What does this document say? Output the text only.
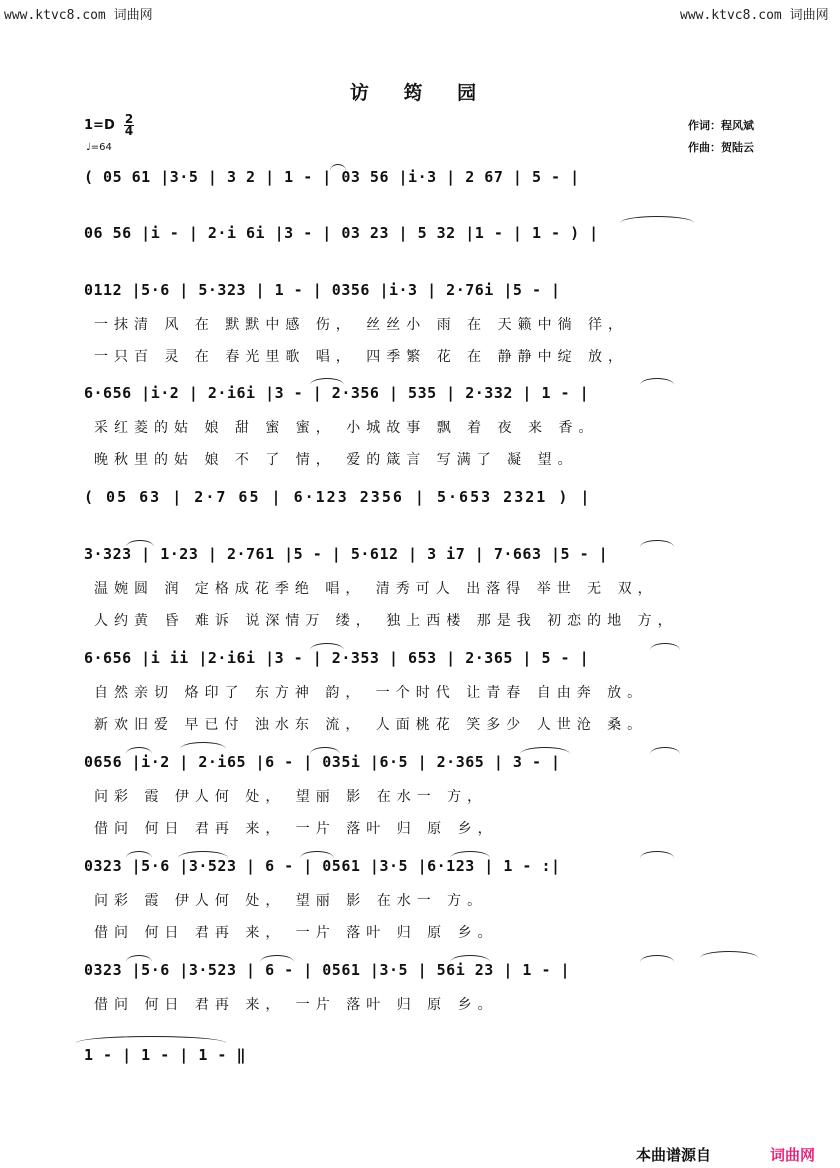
www.ktvc8.com 词曲网	www.ktvc8.com 词曲网
访 筠 园
1=D 2
4
♩=64
作词：程风斌
作曲：贺陆云
( 05 61 |3·5 | 3 2 | 1 - | 03 56 |i·3 | 2 67 | 5 - |
06 56 |i - | 2·i 6i |3 - | 03 23 | 5 32 |1 - | 1 - ) |
0112 |5·6 | 5·323 | 1 - | 0356 |i·3 | 2·76i |5 - |
一抹清 风 在 默默中感 伤， 丝丝小 雨 在 天籁中徜 徉，
一只百 灵 在 春光里歌 唱， 四季繁 花 在 静静中绽 放，
6·656 |i·2 | 2·i6i |3 - | 2·356 | 535 | 2·332 | 1 - |
采红菱的姑 娘 甜 蜜 蜜， 小城故事 飘 着 夜 来 香。
晚秋里的姑 娘 不 了 情， 爱的箴言 写满了 凝 望。
( 05 63 | 2·7 65 | 6·123 2356 | 5·653 2321 ) |
3·323 | 1·23 | 2·761 |5 - | 5·612 | 3 i7 | 7·663 |5 - |
温婉圆 润 定格成花季绝 唱， 清秀可人 出落得 举世 无 双，
人约黄 昏 难诉 说深情万 缕， 独上西楼 那是我 初恋的地 方，
6·656 |i ii |2·i6i |3 - | 2·353 | 653 | 2·365 | 5 - |
自然亲切 烙印了 东方神 韵， 一个时代 让青春 自由奔 放。
新欢旧爱 早已付 浊水东 流， 人面桃花 笑多少 人世沧 桑。
0656 |i·2 | 2·i65 |6 - | 035i |6·5 | 2·365 | 3 - |
问彩 霞 伊人何 处， 望丽 影 在水一 方，
借问 何日 君再 来， 一片 落叶 归 原 乡，
0323 |5·6 |3·523 | 6 - | 0561 |3·5 |6·123 | 1 - :|
问彩 霞 伊人何 处， 望丽 影 在水一 方。
借问 何日 君再 来， 一片 落叶 归 原 乡。
0323 |5·6 |3·523 | 6 - | 0561 |3·5 | 56i 23 | 1 - |
借问 何日 君再 来， 一片 落叶 归 原 乡。
1 - | 1 - | 1 - ‖
本曲谱源自	词曲网
